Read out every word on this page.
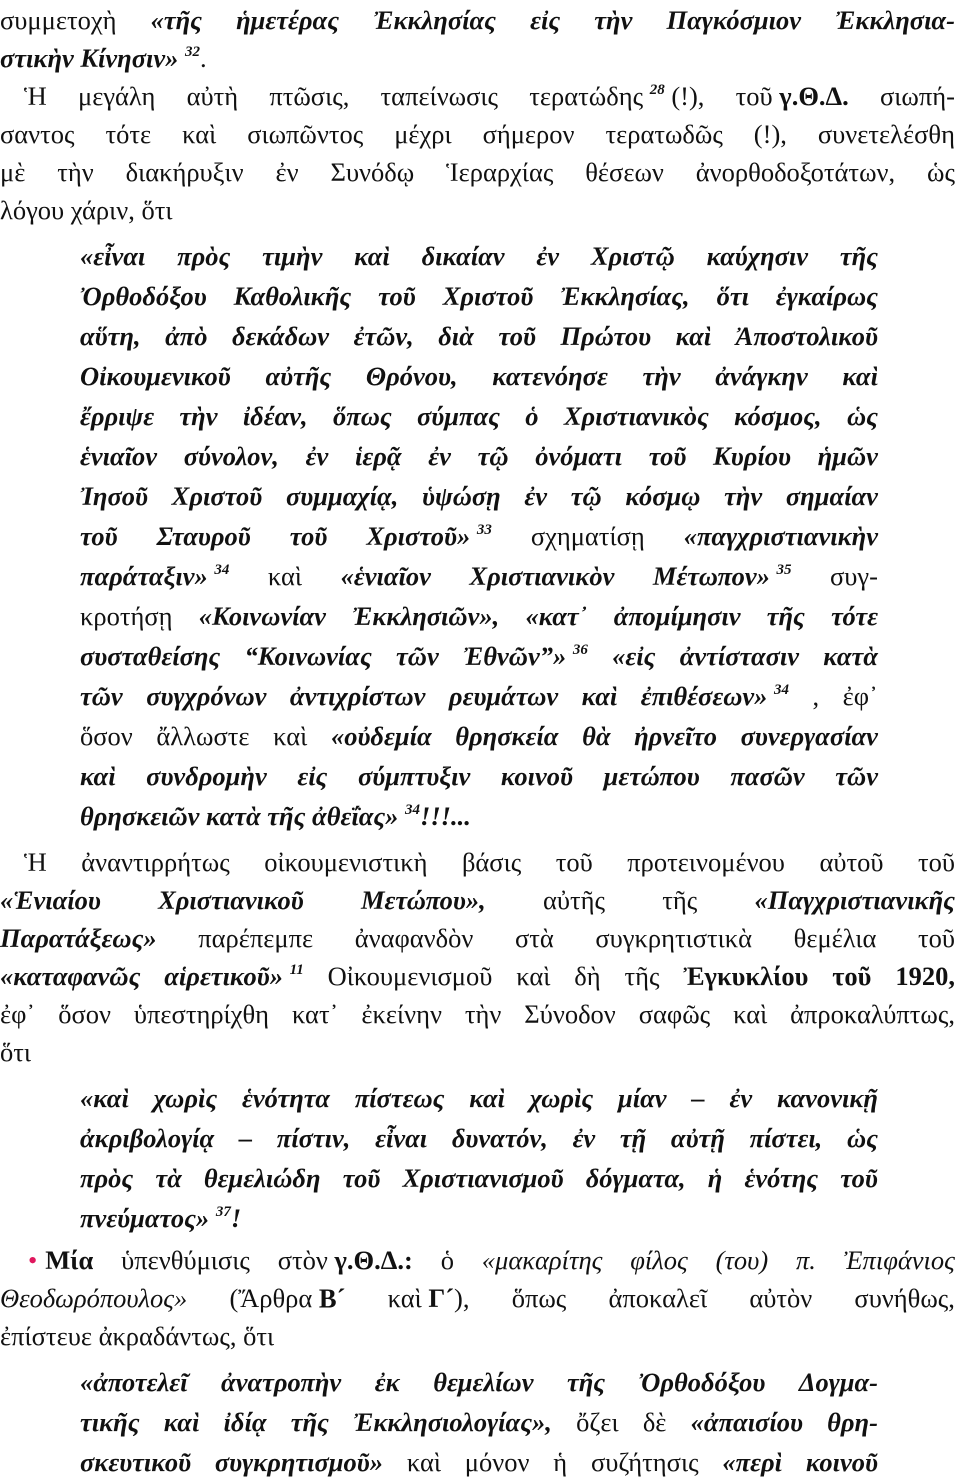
συμμετοχὴ «τῆς ἡμετέρας Ἐκκλησίας εἰς τὴν Παγκόσμιον Ἐκκλησια-
στικὴν Κίνησιν» $^{32}$.
Ἡ μεγάλη αὐτὴ πτῶσις, ταπείνωσις τερατώδης $^{28}$ (!), τοῦ γ.Θ.Δ. σιωπή-
σαντος τότε καὶ σιωπῶντος μέχρι σήμερον τερατωδῶς (!), συνετελέσθη
μὲ τὴν διακήρυξιν ἐν Συνόδῳ Ἱεραρχίας θέσεων ἀνορθοδοξοτάτων, ὡς
λόγου χάριν, ὅτι
«εἶναι πρὸς τιμὴν καὶ δικαίαν ἐν Χριστῷ καύχησιν τῆς
Ὀρθοδόξου Καθολικῆς τοῦ Χριστοῦ Ἐκκλησίας, ὅτι ἐγκαίρως
αὕτη, ἀπὸ δεκάδων ἐτῶν, διὰ τοῦ Πρώτου καὶ Ἀποστολικοῦ
Οἰκουμενικοῦ αὐτῆς Θρόνου, κατενόησε τὴν ἀνάγκην καὶ
ἔρριψε τὴν ἰδέαν, ὅπως σύμπας ὁ Χριστιανικὸς κόσμος, ὡς
ἑνιαῖον σύνολον, ἐν ἱερᾷ ἐν τῷ ὀνόματι τοῦ Κυρίου ἡμῶν
Ἰησοῦ Χριστοῦ συμμαχίᾳ, ὑψώσῃ ἐν τῷ κόσμῳ τὴν σημαίαν
τοῦ Σταυροῦ τοῦ Χριστοῦ» $^{33}$ σχηματίσῃ «παγχριστιανικὴν
παράταξιν» $^{34}$ καὶ «ἑνιαῖον Χριστιανικὸν Μέτωπον» $^{35}$ συγ-
κροτήσῃ «Κοινωνίαν Ἐκκλησιῶν», «κατ᾽ ἀπομίμησιν τῆς τότε
συσταθείσης “Κοινωνίας τῶν Ἐθνῶν”» $^{36}$ «εἰς ἀντίστασιν κατὰ
τῶν συγχρόνων ἀντιχρίστων ρευμάτων καὶ ἐπιθέσεων» $^{34}$ , ἐφ᾽
ὅσον ἄλλωστε καὶ «οὐδεμία θρησκεία θὰ ἠρνεῖτο συνεργασίαν
καὶ συνδρομὴν εἰς σύμπτυξιν κοινοῦ μετώπου πασῶν τῶν
θρησκειῶν κατὰ τῆς ἀθεΐας» $^{34}$!!!...
Ἡ ἀναντιρρήτως οἰκουμενιστικὴ βάσις τοῦ προτεινομένου αὐτοῦ τοῦ
«Ἑνιαίου Χριστιανικοῦ Μετώπου», αὐτῆς τῆς «Παγχριστιανικῆς
Παρατάξεως» παρέπεμπε ἀναφανδὸν στὰ συγκρητιστικὰ θεμέλια τοῦ
«καταφανῶς αἱρετικοῦ» $^{11}$ Οἰκουμενισμοῦ καὶ δὴ τῆς Ἐγκυκλίου τοῦ 1920,
ἐφ᾽ ὅσον ὑπεστηρίχθη κατ᾽ ἐκείνην τὴν Σύνοδον σαφῶς καὶ ἀπροκαλύπτως,
ὅτι
«καὶ χωρὶς ἑνότητα πίστεως καὶ χωρὶς μίαν – ἐν κανονικῇ
ἀκριβολογίᾳ – πίστιν, εἶναι δυνατόν, ἐν τῇ αὐτῇ πίστει, ὡς
πρὸς τὰ θεμελιώδη τοῦ Χριστιανισμοῦ δόγματα, ἡ ἑνότης τοῦ
πνεύματος» $^{37}$!
• Μία ὑπενθύμισις στὸν γ.Θ.Δ.: ὁ «μακαρίτης φίλος (του) π. Ἐπιφάνιος
Θεοδωρόπουλος» (Ἄρθρα Β´ καὶ Γ´), ὅπως ἀποκαλεῖ αὐτὸν συνήθως,
ἐπίστευε ἀκραδάντως, ὅτι
«ἀποτελεῖ ἀνατροπὴν ἐκ θεμελίων τῆς Ὀρθοδόξου Δογμα-
τικῆς καὶ ἰδίᾳ τῆς Ἐκκλησιολογίας», ὄζει δὲ «ἀπαισίου θρη-
σκευτικοῦ συγκρητισμοῦ» καὶ μόνον ἡ συζήτησις «περὶ κοινοῦ
